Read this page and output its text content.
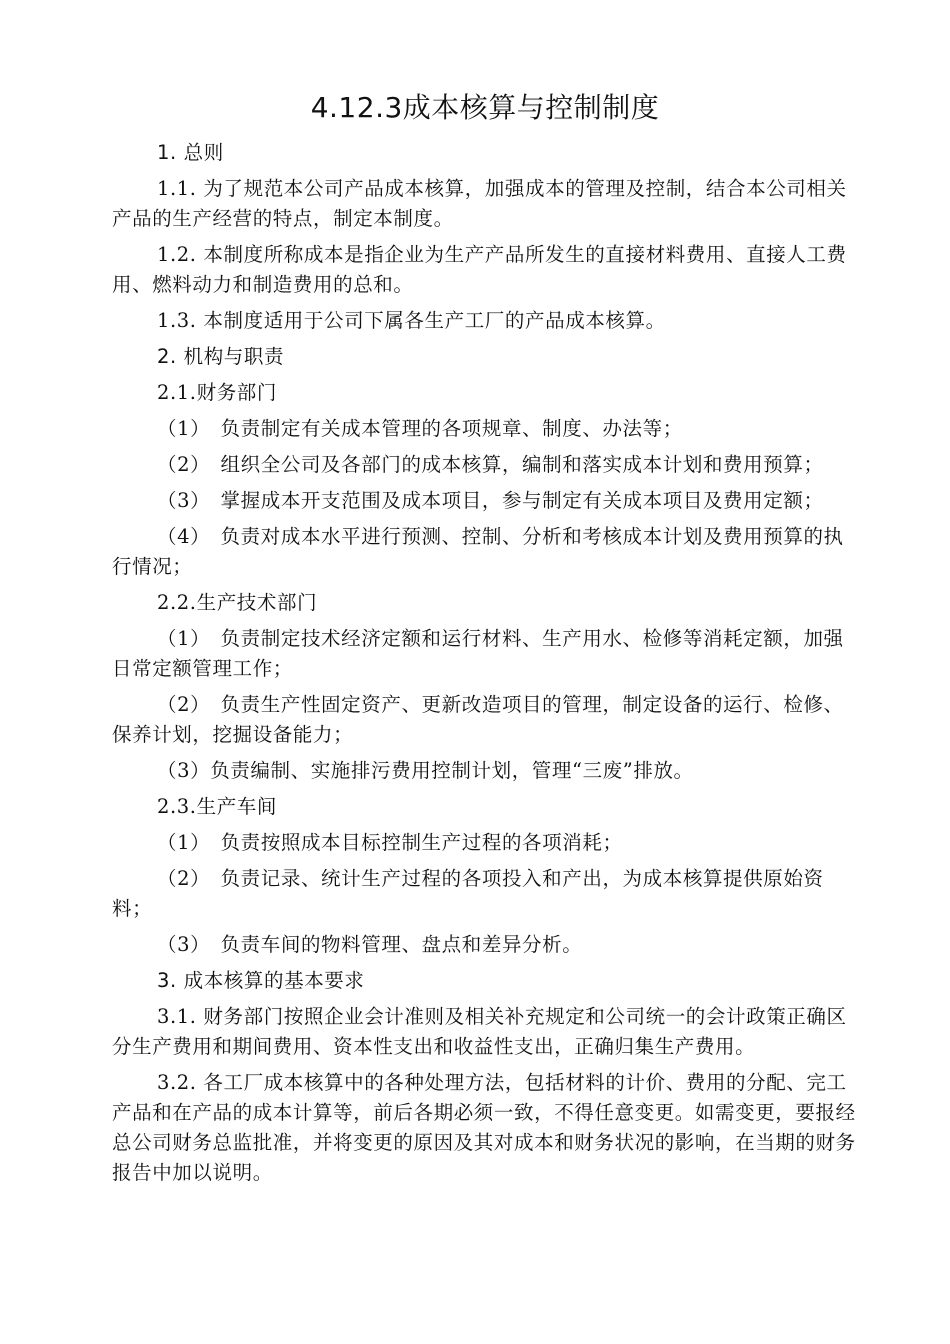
4.12.3成本核算与控制制度

1. 总则

1.1. 为了规范本公司产品成本核算，加强成本的管理及控制，结合本公司相关产品的生产经营的特点，制定本制度。

1.2. 本制度所称成本是指企业为生产产品所发生的直接材料费用、直接人工费用、燃料动力和制造费用的总和。

1.3. 本制度适用于公司下属各生产工厂的产品成本核算。

2. 机构与职责

2.1.财务部门

（1）　负责制定有关成本管理的各项规章、制度、办法等；

（2）　组织全公司及各部门的成本核算，编制和落实成本计划和费用预算；

（3）　掌握成本开支范围及成本项目，参与制定有关成本项目及费用定额；

（4）　负责对成本水平进行预测、控制、分析和考核成本计划及费用预算的执行情况；

2.2.生产技术部门

（1）　负责制定技术经济定额和运行材料、生产用水、检修等消耗定额，加强日常定额管理工作；

（2）　负责生产性固定资产、更新改造项目的管理，制定设备的运行、检修、保养计划，挖掘设备能力；

（3）负责编制、实施排污费用控制计划，管理“三废”排放。

2.3.生产车间

（1）　负责按照成本目标控制生产过程的各项消耗；

（2）　负责记录、统计生产过程的各项投入和产出，为成本核算提供原始资料；

（3）　负责车间的物料管理、盘点和差异分析。

3. 成本核算的基本要求

3.1. 财务部门按照企业会计准则及相关补充规定和公司统一的会计政策正确区分生产费用和期间费用、资本性支出和收益性支出，正确归集生产费用。

3.2. 各工厂成本核算中的各种处理方法，包括材料的计价、费用的分配、完工产品和在产品的成本计算等，前后各期必须一致，不得任意变更。如需变更，要报经总公司财务总监批准，并将变更的原因及其对成本和财务状况的影响，在当期的财务报告中加以说明。
